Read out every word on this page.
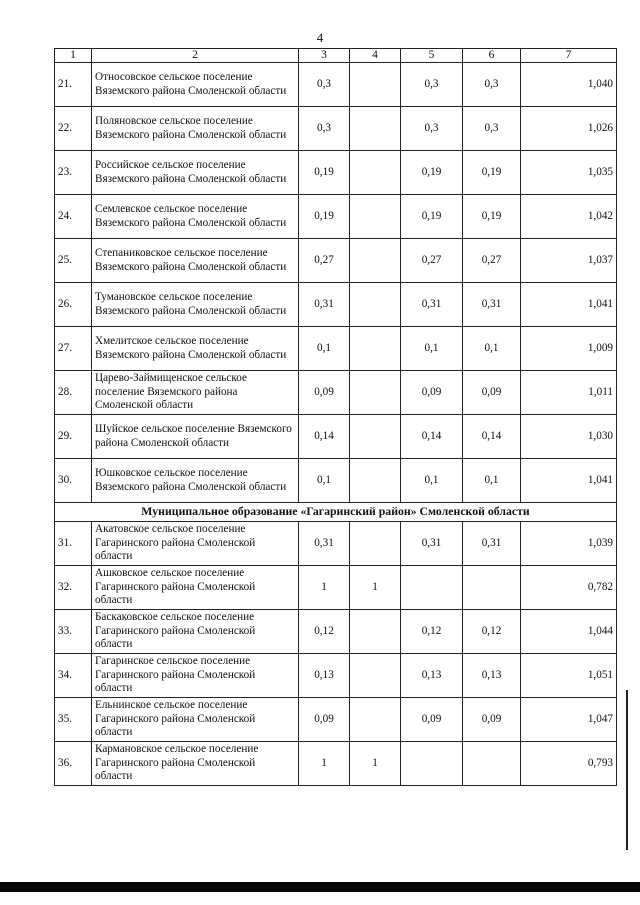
4
1	2	3	4	5	6	7
21.	Относовское сельское поселение Вяземского района Смоленской области	0,3		0,3	0,3	1,040
22.	Поляновское сельское поселение Вяземского района Смоленской области	0,3		0,3	0,3	1,026
23.	Российское сельское поселение Вяземского района Смоленской области	0,19		0,19	0,19	1,035
24.	Семлевское сельское поселение Вяземского района Смоленской области	0,19		0,19	0,19	1,042
25.	Степаниковское сельское поселение Вяземского района Смоленской области	0,27		0,27	0,27	1,037
26.	Тумановское сельское поселение Вяземского района Смоленской области	0,31		0,31	0,31	1,041
27.	Хмелитское сельское поселение Вяземского района Смоленской области	0,1		0,1	0,1	1,009
28.	Царево-Займищенское сельское поселение Вяземского района Смоленской области	0,09		0,09	0,09	1,011
29.	Шуйское сельское поселение Вяземского района Смоленской области	0,14		0,14	0,14	1,030
30.	Юшковское сельское поселение Вяземского района Смоленской области	0,1		0,1	0,1	1,041
Муниципальное образование «Гагаринский район» Смоленской области						
31.	Акатовское сельское поселение Гагаринского района Смоленской области	0,31		0,31	0,31	1,039
32.	Ашковское сельское поселение Гагаринского района Смоленской области	1	1			0,782
33.	Баскаковское сельское поселение Гагаринского района Смоленской области	0,12		0,12	0,12	1,044
34.	Гагаринское сельское поселение Гагаринского района Смоленской области	0,13		0,13	0,13	1,051
35.	Ельнинское сельское поселение Гагаринского района Смоленской области	0,09		0,09	0,09	1,047
36.	Кармановское сельское поселение Гагаринского района Смоленской области	1	1			0,793
